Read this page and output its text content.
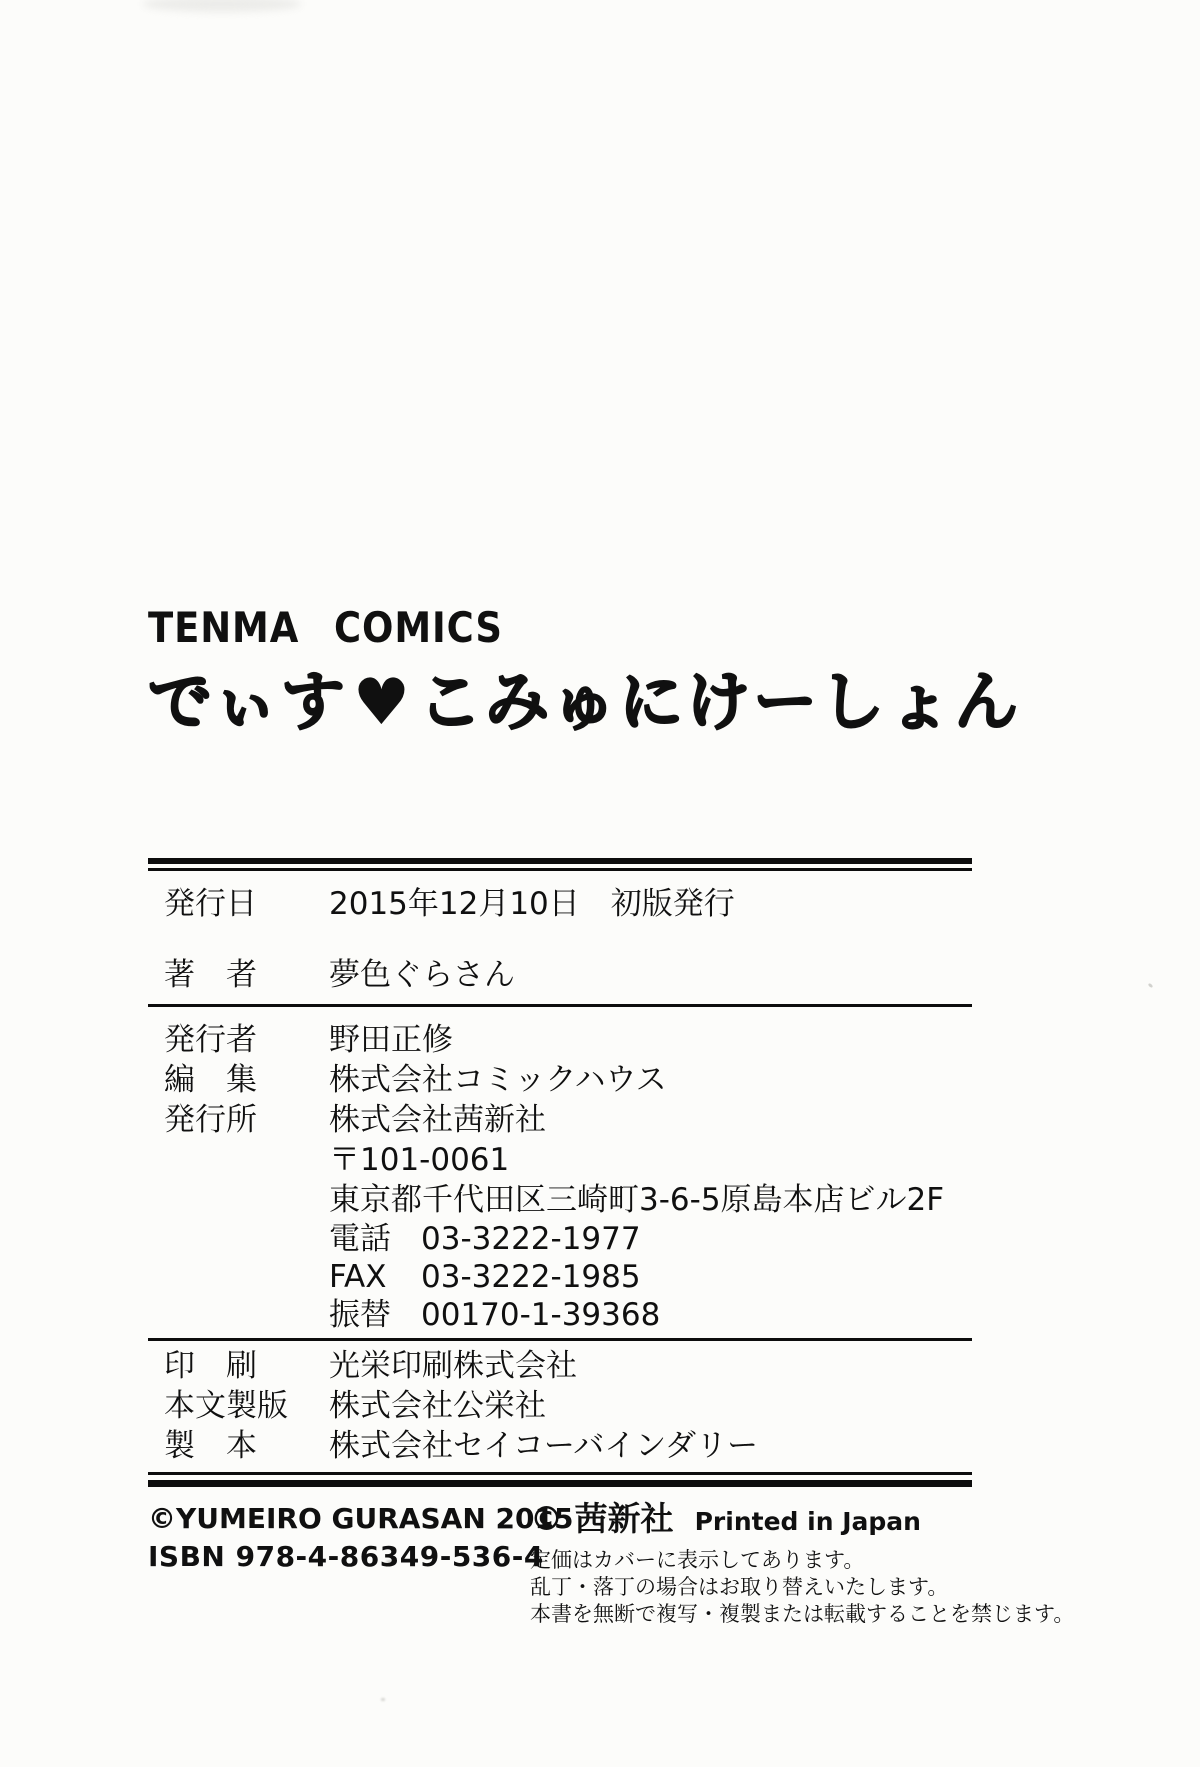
TENMA COMICS
でぃす♥こみゅにけーしょん
発行日	2015年12月10日　初版発行
著　者	夢色ぐらさん
発行者	野田正修
編　集	株式会社コミックハウス
発行所	株式会社茜新社
〒101-0061
東京都千代田区三崎町3-6-5原島本店ビル2F
電話 03-3222-1977
FAX	03-3222-1985
振替 00170-1-39368
印　刷	光栄印刷株式会社
本文製版	株式会社公栄社
製　本	株式会社セイコーバインダリー
©YUMEIRO GURASAN 2015
ISBN 978-4-86349-536-4
© 茜新社 Printed in Japan
定価はカバーに表示してあります。
乱丁・落丁の場合はお取り替えいたします。
本書を無断で複写・複製または転載することを禁じます。
